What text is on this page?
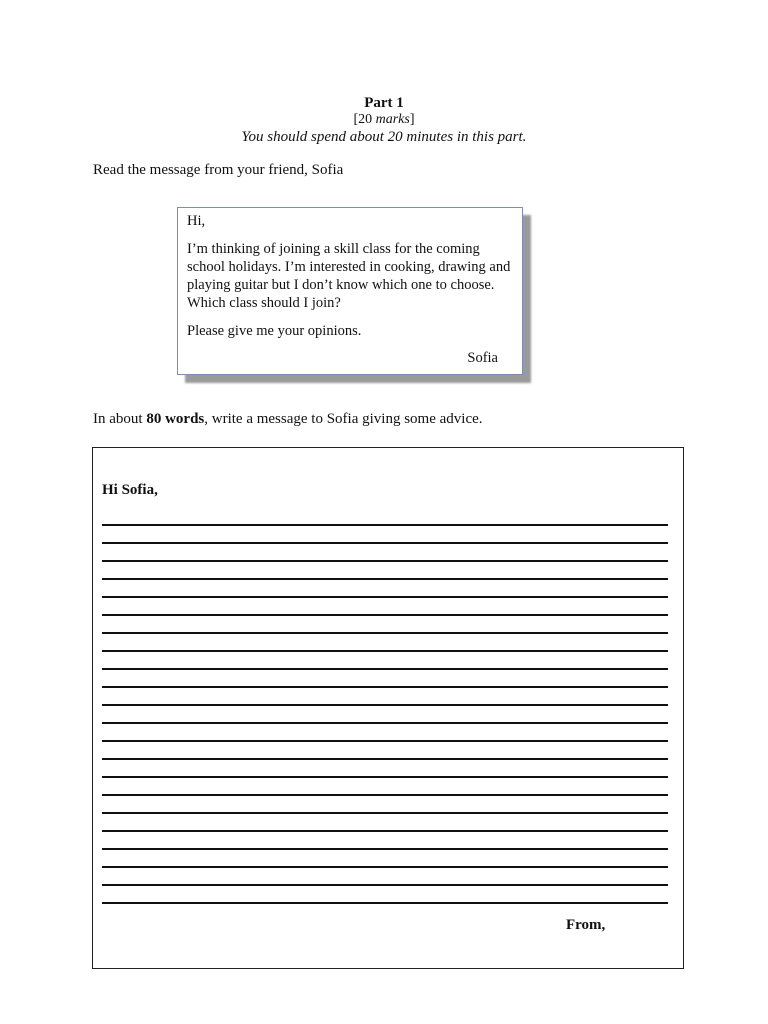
Part 1
[20 marks]
You should spend about 20 minutes in this part.
Read the message from your friend, Sofia

Hi,

I’m thinking of joining a skill class for the coming school holidays. I’m interested in cooking, drawing and playing guitar but I don’t know which one to choose. Which class should I join?

Please give me your opinions.

Sofia

In about 80 words, write a message to Sofia giving some advice.
Hi Sofia,
From,
